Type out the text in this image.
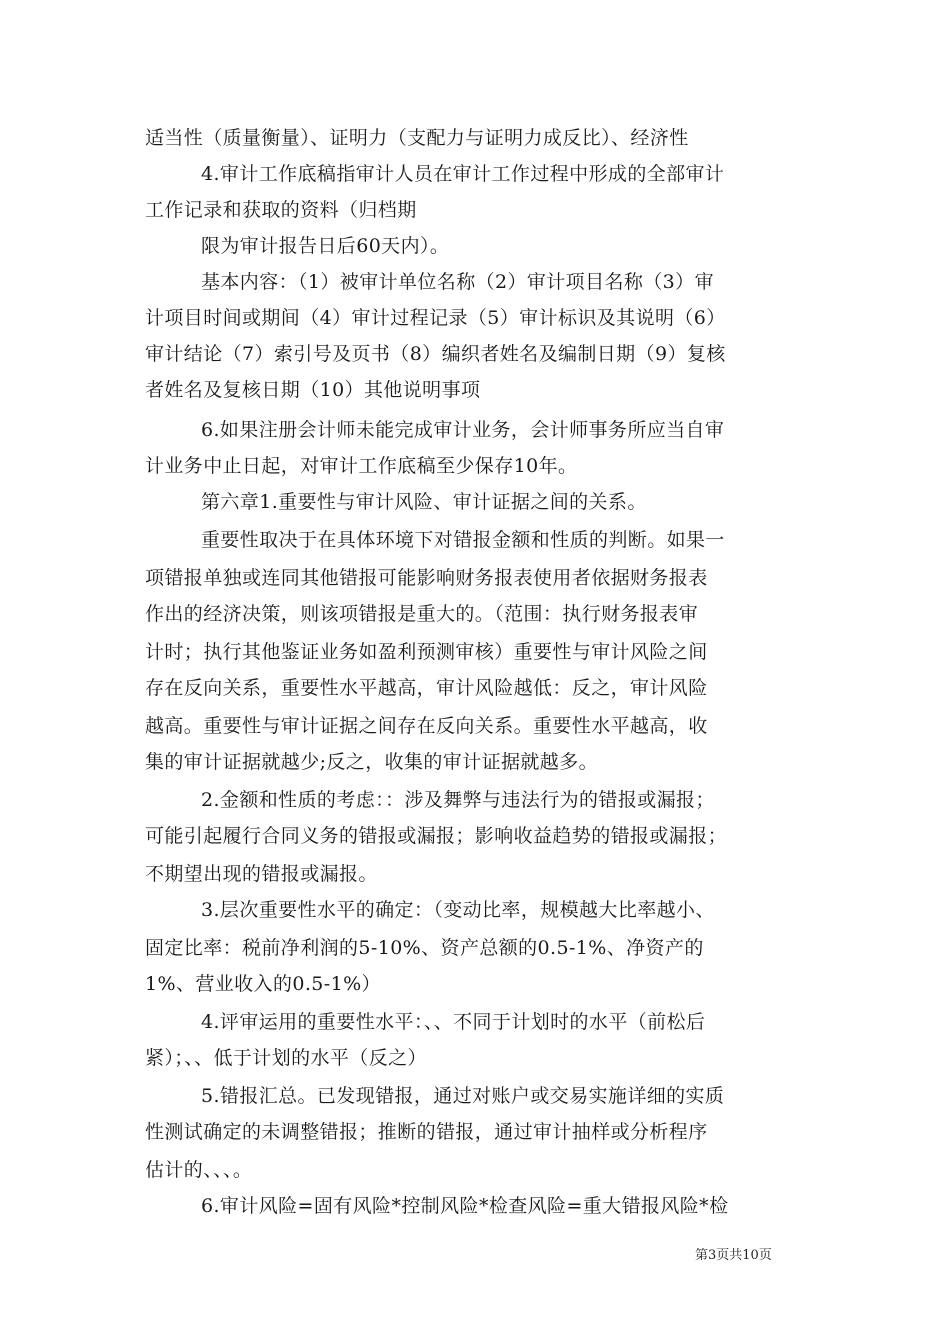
适当性（质量衡量）、证明力（支配力与证明力成反比）、经济性
4.审计工作底稿指审计人员在审计工作过程中形成的全部审计
工作记录和获取的资料（归档期
限为审计报告日后60天内）。
基本内容：（1）被审计单位名称（2）审计项目名称（3）审
计项目时间或期间（4）审计过程记录（5）审计标识及其说明（6）
审计结论（7）索引号及页书（8）编织者姓名及编制日期（9）复核
者姓名及复核日期（10）其他说明事项
6.如果注册会计师未能完成审计业务，会计师事务所应当自审
计业务中止日起，对审计工作底稿至少保存10年。
第六章1.重要性与审计风险、审计证据之间的关系。
重要性取决于在具体环境下对错报金额和性质的判断。如果一
项错报单独或连同其他错报可能影响财务报表使用者依据财务报表
作出的经济决策，则该项错报是重大的。（范围：执行财务报表审
计时；执行其他鉴证业务如盈利预测审核）重要性与审计风险之间
存在反向关系，重要性水平越高，审计风险越低：反之，审计风险
越高。重要性与审计证据之间存在反向关系。重要性水平越高，收
集的审计证据就越少;反之，收集的审计证据就越多。
2.金额和性质的考虑：：涉及舞弊与违法行为的错报或漏报；
可能引起履行合同义务的错报或漏报；影响收益趋势的错报或漏报；
不期望出现的错报或漏报。
3.层次重要性水平的确定：（变动比率，规模越大比率越小、
固定比率：税前净利润的5-10%、资产总额的0.5-1%、净资产的
1%、营业收入的0.5-1%）
4.评审运用的重要性水平：、、不同于计划时的水平（前松后
紧）；、、低于计划的水平（反之）
5.错报汇总。已发现错报，通过对账户或交易实施详细的实质
性测试确定的未调整错报；推断的错报，通过审计抽样或分析程序
估计的、、、。
6.审计风险=固有风险*控制风险*检查风险=重大错报风险*检
第3页共10页
